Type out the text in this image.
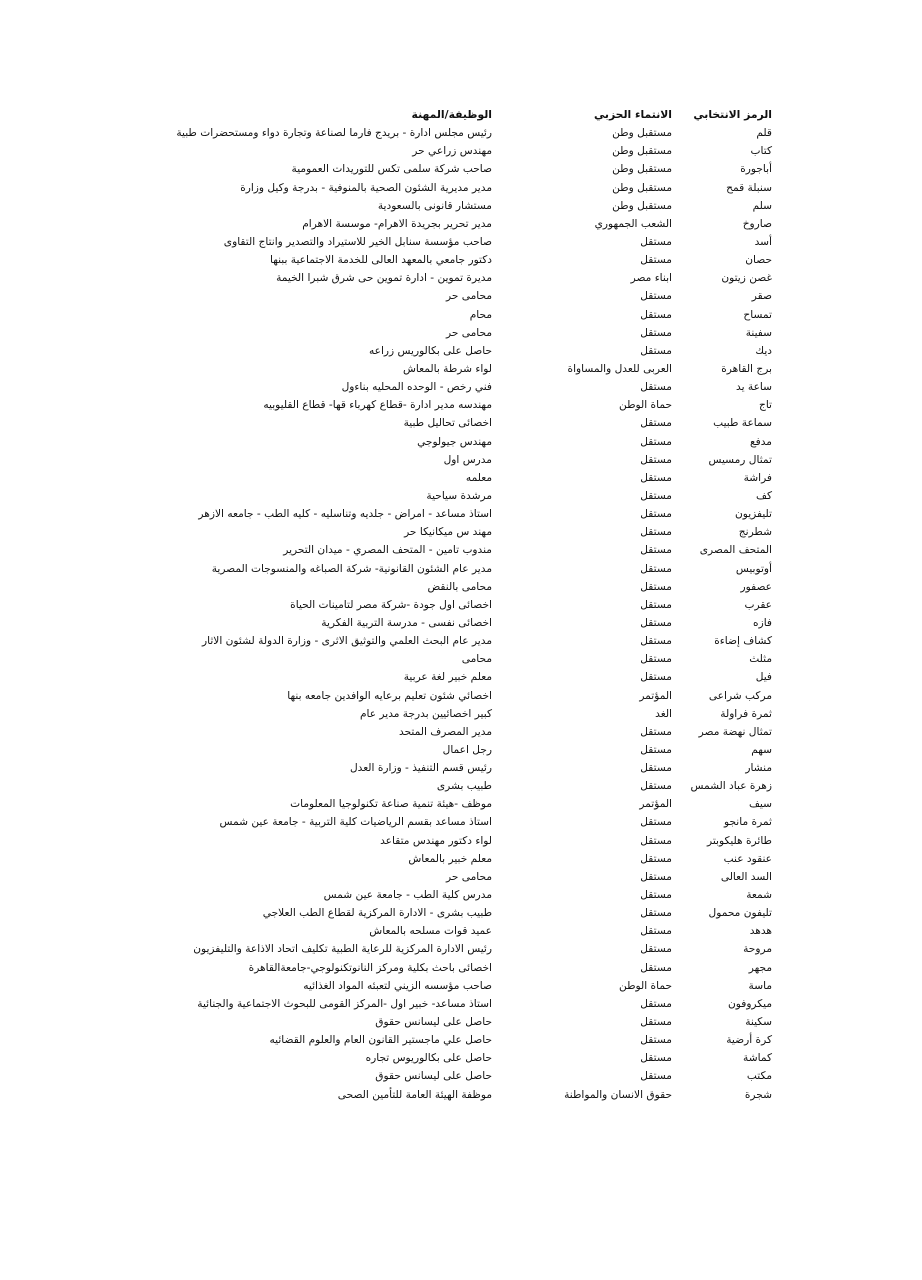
الرمز الانتخابي
الانتماء الحزبي
الوظيفة/المهنة
قلم
مستقبل وطن
رئيس مجلس ادارة - بريدج فارما لصناعة وتجارة دواء ومستحضرات طبية
كتاب
مستقبل وطن
مهندس زراعي حر
أباجورة
مستقبل وطن
صاحب شركة سلمى تكس للتوريدات العمومية
سنبلة قمح
مستقبل وطن
مدير مديرية الشئون الصحية بالمنوفية - بدرجة وكيل وزارة
سلم
مستقبل وطن
مستشار قانونى بالسعودية
صاروخ
الشعب الجمهوري
مدير تحرير بجريدة الاهرام- موسسة الاهرام
أسد
مستقل
صاحب مؤسسة سنابل الخير للاستيراد والتصدير وانتاج التقاوى
حصان
مستقل
دكتور جامعي بالمعهد العالى للخدمة الاجتماعية ببنها
غصن زيتون
ابناء مصر
مديرة تموين - ادارة تموين حى شرق شبرا الخيمة
صقر
مستقل
محامى حر
تمساح
مستقل
محام
سفينة
مستقل
محامى حر
ديك
مستقل
حاصل على بكالوريس زراعه
برج القاهرة
العربى للعدل والمساواة
لواء شرطة بالمعاش
ساعة يد
مستقل
فني رخص - الوحده المحليه بناءول
تاج
حماة الوطن
مهندسه مدير ادارة -قطاع كهرباء قها- قطاع القليوبيه
سماعة طبيب
مستقل
اخصائى تحاليل طبية
مدفع
مستقل
مهندس جيولوجي
تمثال رمسيس
مستقل
مدرس اول
فراشة
مستقل
معلمه
كف
مستقل
مرشدة سياحية
تليفزيون
مستقل
استاذ مساعد - امراض - جلديه وتناسليه - كليه الطب - جامعه الازهر
شطرنج
مستقل
مهند س ميكانيكا حر
المتحف المصرى
مستقل
مندوب تامين - المتحف المصري - ميدان التحرير
أوتوبيس
مستقل
مدير عام الشئون القانونية- شركة الصباغه والمنسوجات المصرية
عصفور
مستقل
محامى بالنقض
عقرب
مستقل
اخصائى اول جودة -شركة مصر لتامينات الحياة
فازه
مستقل
اخصائى نفسى - مدرسة التربية الفكرية
كشاف إضاءة
مستقل
مدير عام البحث العلمي والتوثيق الاثرى - وزارة الدولة لشئون الاثار
مثلث
مستقل
محامى
فيل
مستقل
معلم خبير لغة عربية
مركب شراعى
المؤتمر
اخصائي شئون تعليم برعايه الوافدين جامعه بنها
ثمرة فراولة
الغد
كبير اخصائيين بدرجة مدير عام
تمثال نهضة مصر
مستقل
مدير المصرف المتحد
سهم
مستقل
رجل اعمال
منشار
مستقل
رئيس قسم التنفيذ - وزارة العدل
زهرة عباد الشمس
مستقل
طبيب بشرى
سيف
المؤتمر
موظف -هيئة تنمية صناعة تكنولوجيا المعلومات
ثمرة مانجو
مستقل
استاذ مساعد بقسم الرياضيات كلية التربية - جامعة عين شمس
طائرة هليكوبتر
مستقل
لواء دكتور مهندس متقاعد
عنقود عنب
مستقل
معلم خبير بالمعاش
السد العالى
مستقل
محامى حر
شمعة
مستقل
مدرس كلية الطب - جامعة عين شمس
تليفون محمول
مستقل
طبيب بشرى - الادارة المركزية لقطاع الطب العلاجي
هدهد
مستقل
عميد قوات مسلحه بالمعاش
مروحة
مستقل
رئيس الادارة المركزية للرعاية الطبية تكليف اتحاد الاذاعة والتليفزيون
مجهر
مستقل
اخصائى باحث بكلية ومركز النانوتكنولوجي-جامعةالقاهرة
ماسة
حماة الوطن
صاحب مؤسسه الزيني لتعبئه المواد الغذائيه
ميكروفون
مستقل
استاذ مساعد- خبير اول -المركز القومى للبحوث الاجتماعية والجنائية
سكينة
مستقل
حاصل على ليسانس حقوق
كرة أرضية
مستقل
حاصل علي ماجستير القانون العام والعلوم القضائيه
كماشة
مستقل
حاصل على بكالوريوس تجاره
مكتب
مستقل
حاصل على ليسانس حقوق
شجرة
حقوق الانسان والمواطنة
موظفة الهيئة العامة للتأمين الصحى
